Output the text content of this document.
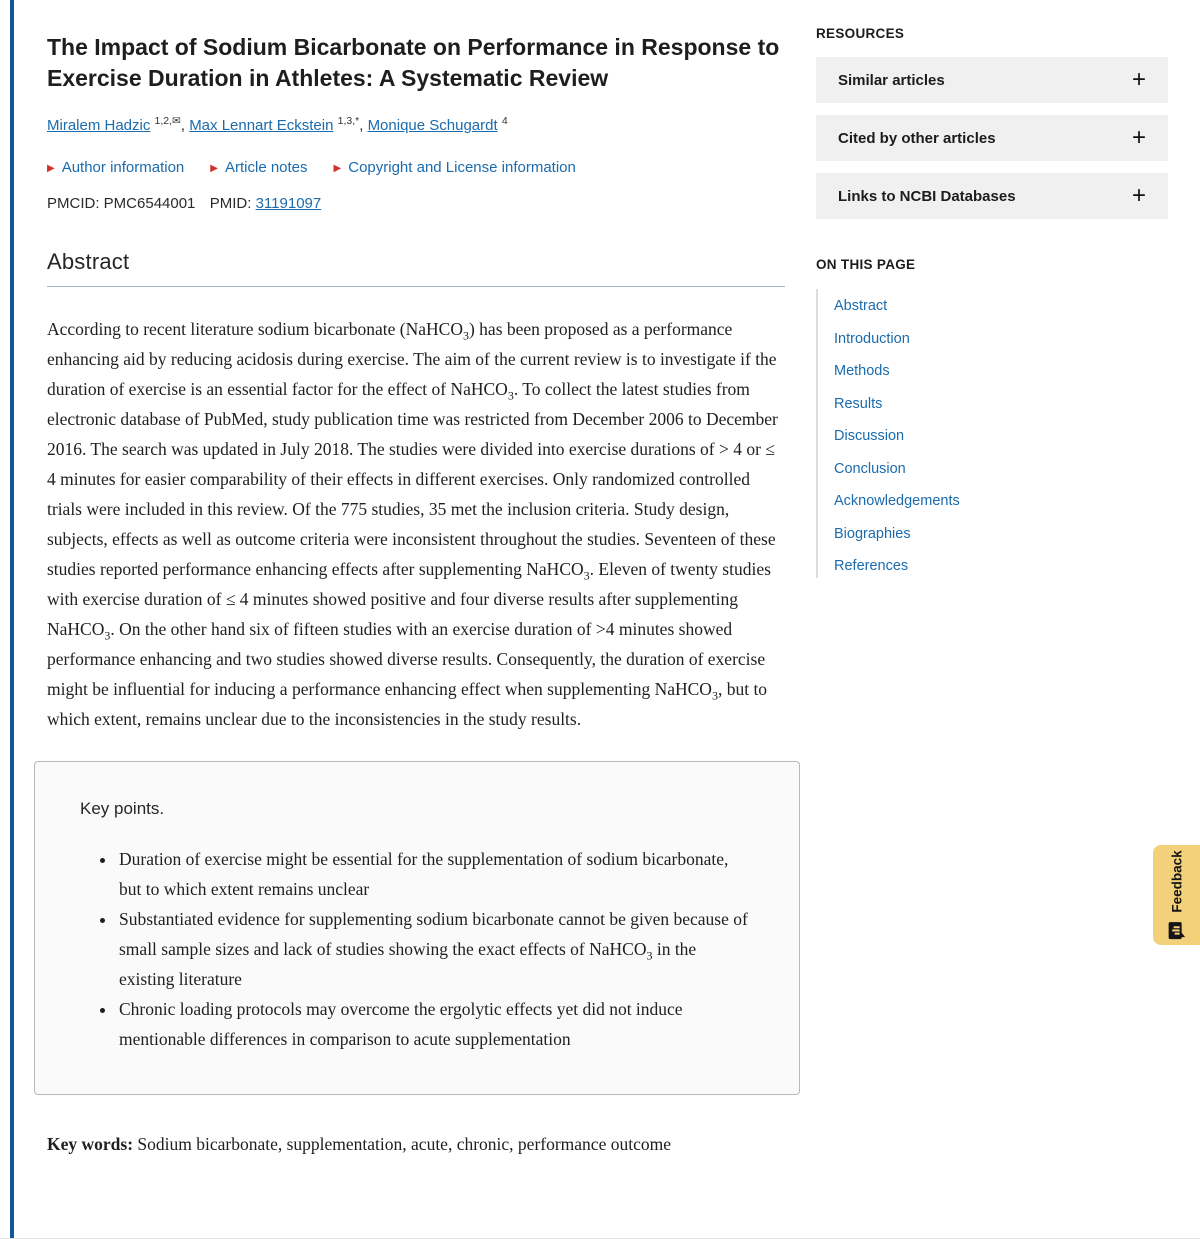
The Impact of Sodium Bicarbonate on Performance in Response to Exercise Duration in Athletes: A Systematic Review
Miralem Hadzic $^{1,2,✉}$, Max Lennart Eckstein $^{1,3,*}$, Monique Schugardt $^4$
▶ Author information	▶ Article notes	▶ Copyright and License information
PMCID: PMC6544001 PMID: 31191097
Abstract

According to recent literature sodium bicarbonate (NaHCO$_3$) has been proposed as a performance enhancing aid by reducing acidosis during exercise. The aim of the current review is to investigate if the duration of exercise is an essential factor for the effect of NaHCO$_3$. To collect the latest studies from electronic database of PubMed, study publication time was restricted from December 2006 to December 2016. The search was updated in July 2018. The studies were divided into exercise durations of > 4 or ≤ 4 minutes for easier comparability of their effects in different exercises. Only randomized controlled trials were included in this review. Of the 775 studies, 35 met the inclusion criteria. Study design, subjects, effects as well as outcome criteria were inconsistent throughout the studies. Seventeen of these studies reported performance enhancing effects after supplementing NaHCO$_3$. Eleven of twenty studies with exercise duration of ≤ 4 minutes showed positive and four diverse results after supplementing NaHCO$_3$. On the other hand six of fifteen studies with an exercise duration of >4 minutes showed performance enhancing and two studies showed diverse results. Consequently, the duration of exercise might be influential for inducing a performance enhancing effect when supplementing NaHCO$_3$, but to which extent, remains unclear due to the inconsistencies in the study results.

Key points.
• Duration of exercise might be essential for the supplementation of sodium bicarbonate, but to which extent remains unclear
• Substantiated evidence for supplementing sodium bicarbonate cannot be given because of small sample sizes and lack of studies showing the exact effects of NaHCO$_3$ in the existing literature
• Chronic loading protocols may overcome the ergolytic effects yet did not induce mentionable differences in comparison to acute supplementation
Key words: Sodium bicarbonate, supplementation, acute, chronic, performance outcome
RESOURCES
Similar articles	+
Cited by other articles	+
Links to NCBI Databases	+
ON THIS PAGE
Abstract
Introduction
Methods
Results
Discussion
Conclusion
Acknowledgements
Biographies
References
Feedback
